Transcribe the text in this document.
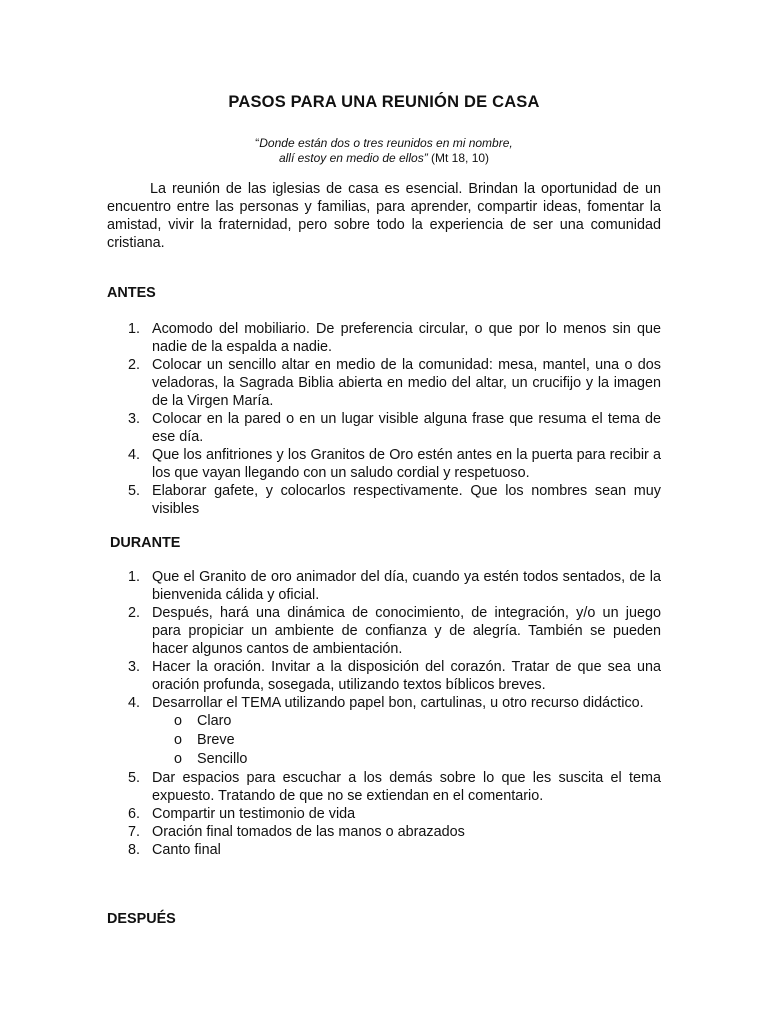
PASOS PARA UNA REUNIÓN DE CASA

“Donde están dos o tres reunidos en mi nombre,
allí estoy en medio de ellos” (Mt 18, 10)

La reunión de las iglesias de casa es esencial. Brindan la oportunidad de un encuentro entre las personas y familias, para aprender, compartir ideas, fomentar la amistad, vivir la fraternidad, pero sobre todo la experiencia de ser una comunidad cristiana.

ANTES
1. Acomodo del mobiliario. De preferencia circular, o que por lo menos sin que nadie de la espalda a nadie.
2. Colocar un sencillo altar en medio de la comunidad: mesa, mantel, una o dos veladoras, la Sagrada Biblia abierta en medio del altar, un crucifijo y la imagen de la Virgen María.
3. Colocar en la pared o en un lugar visible alguna frase que resuma el tema de ese día.
4. Que los anfitriones y los Granitos de Oro estén antes en la puerta para recibir a los que vayan llegando con un saludo cordial y respetuoso.
5. Elaborar gafete, y colocarlos respectivamente. Que los nombres sean muy visibles
DURANTE
1. Que el Granito de oro animador del día, cuando ya estén todos sentados, de la bienvenida cálida y oficial.
2. Después, hará una dinámica de conocimiento, de integración, y/o un juego para propiciar un ambiente de confianza y de alegría. También se pueden hacer algunos cantos de ambientación.
3. Hacer la oración. Invitar a la disposición del corazón. Tratar de que sea una oración profunda, sosegada, utilizando textos bíblicos breves.
4. Desarrollar el TEMA utilizando papel bon, cartulinas, u otro recurso didáctico.
o Claro
o Breve
o Sencillo
5. Dar espacios para escuchar a los demás sobre lo que les suscita el tema expuesto. Tratando de que no se extiendan en el comentario.
6. Compartir un testimonio de vida
7. Oración final tomados de las manos o abrazados
8. Canto final
DESPUÉS
